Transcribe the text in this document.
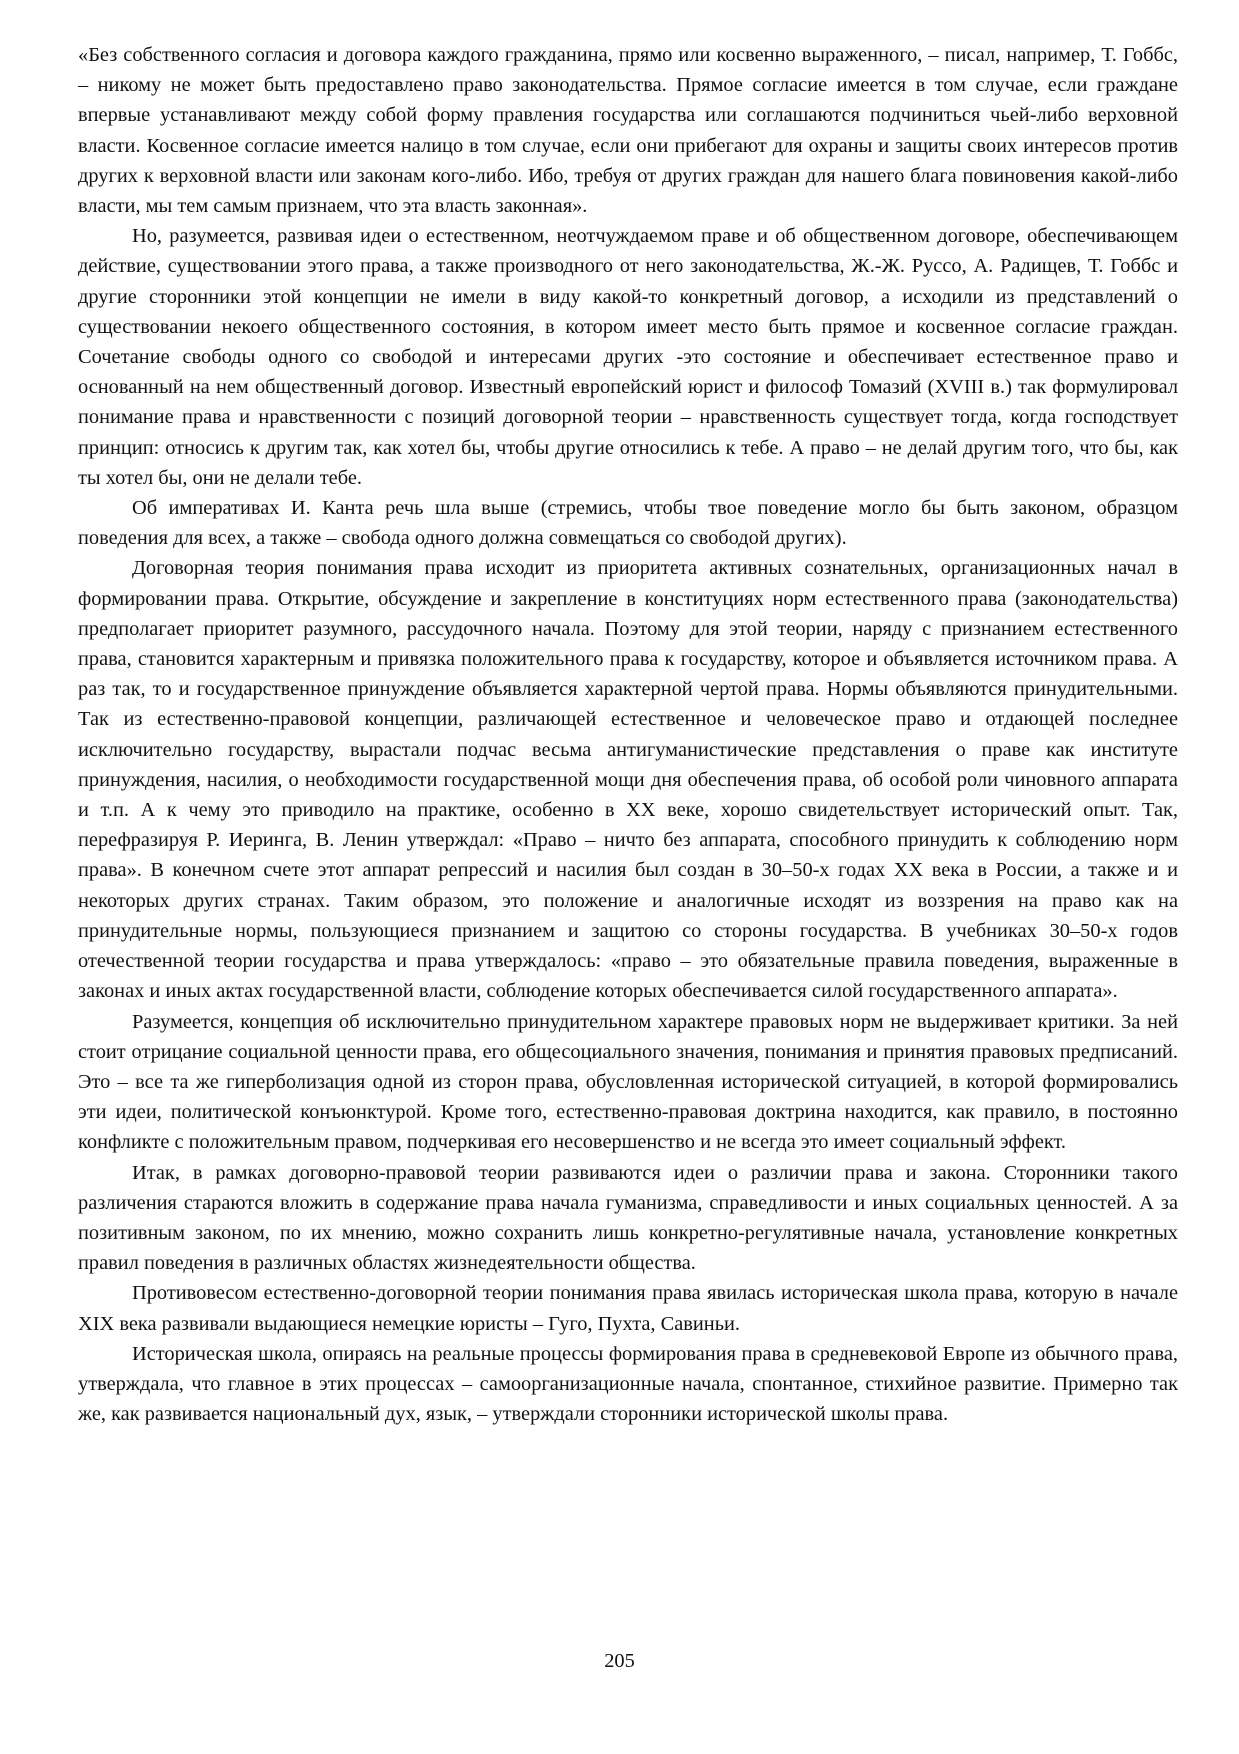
«Без собственного согласия и договора каждого гражданина, прямо или косвенно выраженного, – писал, например, Т. Гоббс, – никому не может быть предоставлено право законодательства. Прямое согласие имеется в том случае, если граждане впервые устанавливают между собой форму правления государства или соглашаются подчиниться чьей-либо верховной власти. Косвенное согласие имеется налицо в том случае, если они прибегают для охраны и защиты своих интересов против других к верховной власти или законам кого-либо. Ибо, требуя от других граждан для нашего блага повиновения какой-либо власти, мы тем самым признаем, что эта власть законная».

Но, разумеется, развивая идеи о естественном, неотчуждаемом праве и об общественном договоре, обеспечивающем действие, существовании этого права, а также производного от него законодательства, Ж.-Ж. Руссо, А. Радищев, Т. Гоббс и другие сторонники этой концепции не имели в виду какой-то конкретный договор, а исходили из представлений о существовании некоего общественного состояния, в котором имеет место быть прямое и косвенное согласие граждан. Сочетание свободы одного со свободой и интересами других -это состояние и обеспечивает естественное право и основанный на нем общественный договор. Известный европейский юрист и философ Томазий (XVIII в.) так формулировал понимание права и нравственности с позиций договорной теории – нравственность существует тогда, когда господствует принцип: относись к другим так, как хотел бы, чтобы другие относились к тебе. А право – не делай другим того, что бы, как ты хотел бы, они не делали тебе.

Об императивах И. Канта речь шла выше (стремись, чтобы твое поведение могло бы быть законом, образцом поведения для всех, а также – свобода одного должна совмещаться со свободой других).

Договорная теория понимания права исходит из приоритета активных сознательных, организационных начал в формировании права. Открытие, обсуждение и закрепление в конституциях норм естественного права (законодательства) предполагает приоритет разумного, рассудочного начала. Поэтому для этой теории, наряду с признанием естественного права, становится характерным и привязка положительного права к государству, которое и объявляется источником права. А раз так, то и государственное принуждение объявляется характерной чертой права. Нормы объявляются принудительными. Так из естественно-правовой концепции, различающей естественное и человеческое право и отдающей последнее исключительно государству, вырастали подчас весьма антигуманистические представления о праве как институте принуждения, насилия, о необходимости государственной мощи дня обеспечения права, об особой роли чиновного аппарата и т.п. А к чему это приводило на практике, особенно в XX веке, хорошо свидетельствует исторический опыт. Так, перефразируя Р. Иеринга, В. Ленин утверждал: «Право – ничто без аппарата, способного принудить к соблюдению норм права». В конечном счете этот аппарат репрессий и насилия был создан в 30–50-х годах XX века в России, а также и и некоторых других странах. Таким образом, это положение и аналогичные исходят из воззрения на право как на принудительные нормы, пользующиеся признанием и защитою со стороны государства. В учебниках 30–50-х годов отечественной теории государства и права утверждалось: «право – это обязательные правила поведения, выраженные в законах и иных актах государственной власти, соблюдение которых обеспечивается силой государственного аппарата».

Разумеется, концепция об исключительно принудительном характере правовых норм не выдерживает критики. За ней стоит отрицание социальной ценности права, его общесоциального значения, понимания и принятия правовых предписаний. Это – все та же гиперболизация одной из сторон права, обусловленная исторической ситуацией, в которой формировались эти идеи, политической конъюнктурой. Кроме того, естественно-правовая доктрина находится, как правило, в постоянно конфликте с положительным правом, подчеркивая его несовершенство и не всегда это имеет социальный эффект.

Итак, в рамках договорно-правовой теории развиваются идеи о различии права и закона. Сторонники такого различения стараются вложить в содержание права начала гуманизма, справедливости и иных социальных ценностей. А за позитивным законом, по их мнению, можно сохранить лишь конкретно-регулятивные начала, установление конкретных правил поведения в различных областях жизнедеятельности общества.

Противовесом естественно-договорной теории понимания права явилась историческая школа права, которую в начале XIX века развивали выдающиеся немецкие юристы – Гуго, Пухта, Савиньи.

Историческая школа, опираясь на реальные процессы формирования права в средневековой Европе из обычного права, утверждала, что главное в этих процессах – самоорганизационные начала, спонтанное, стихийное развитие. Примерно так же, как развивается национальный дух, язык, – утверждали сторонники исторической школы права.

205
